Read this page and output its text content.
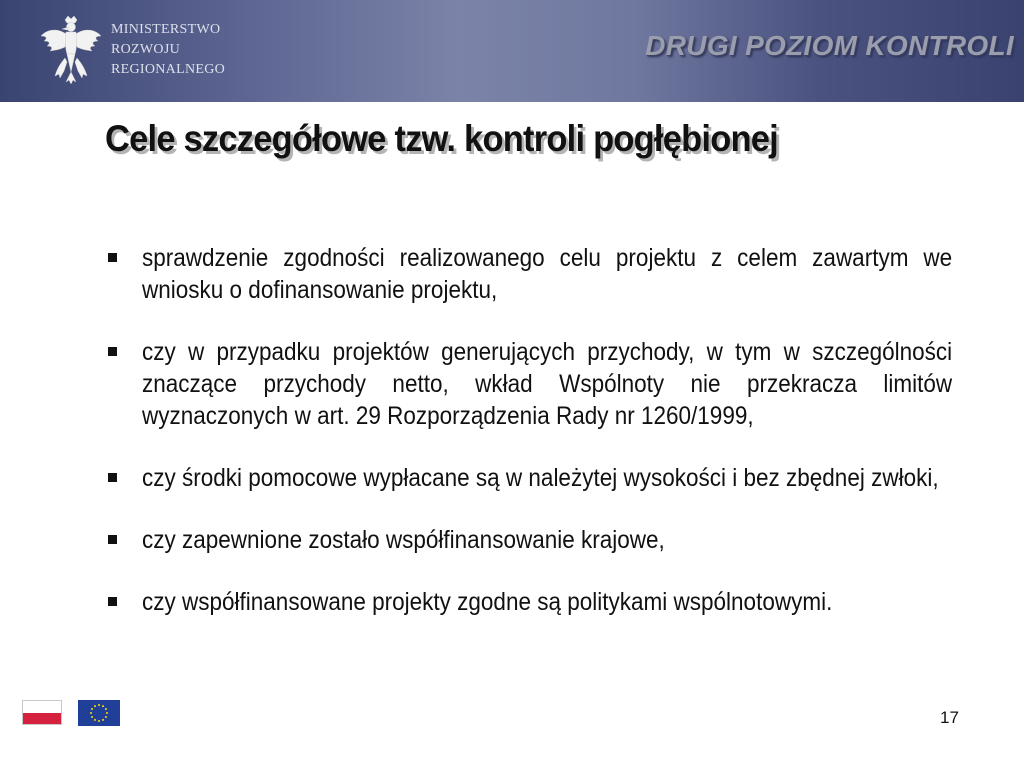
MINISTERSTWO
ROZWOJU
REGIONALNEGO
DRUGI POZIOM KONTROLI
Cele szczegółowe tzw. kontroli pogłębionej
sprawdzenie zgodności realizowanego celu projektu z celem zawartym we wniosku o dofinansowanie projektu,
czy w przypadku projektów generujących przychody, w tym w szczególności znaczące przychody netto, wkład Wspólnoty nie przekracza limitów wyznaczonych w art. 29 Rozporządzenia Rady nr 1260/1999,
czy środki pomocowe wypłacane są w należytej wysokości i bez zbędnej zwłoki,
czy zapewnione zostało współfinansowanie krajowe,
czy współfinansowane projekty zgodne są politykami wspólnotowymi.
17
